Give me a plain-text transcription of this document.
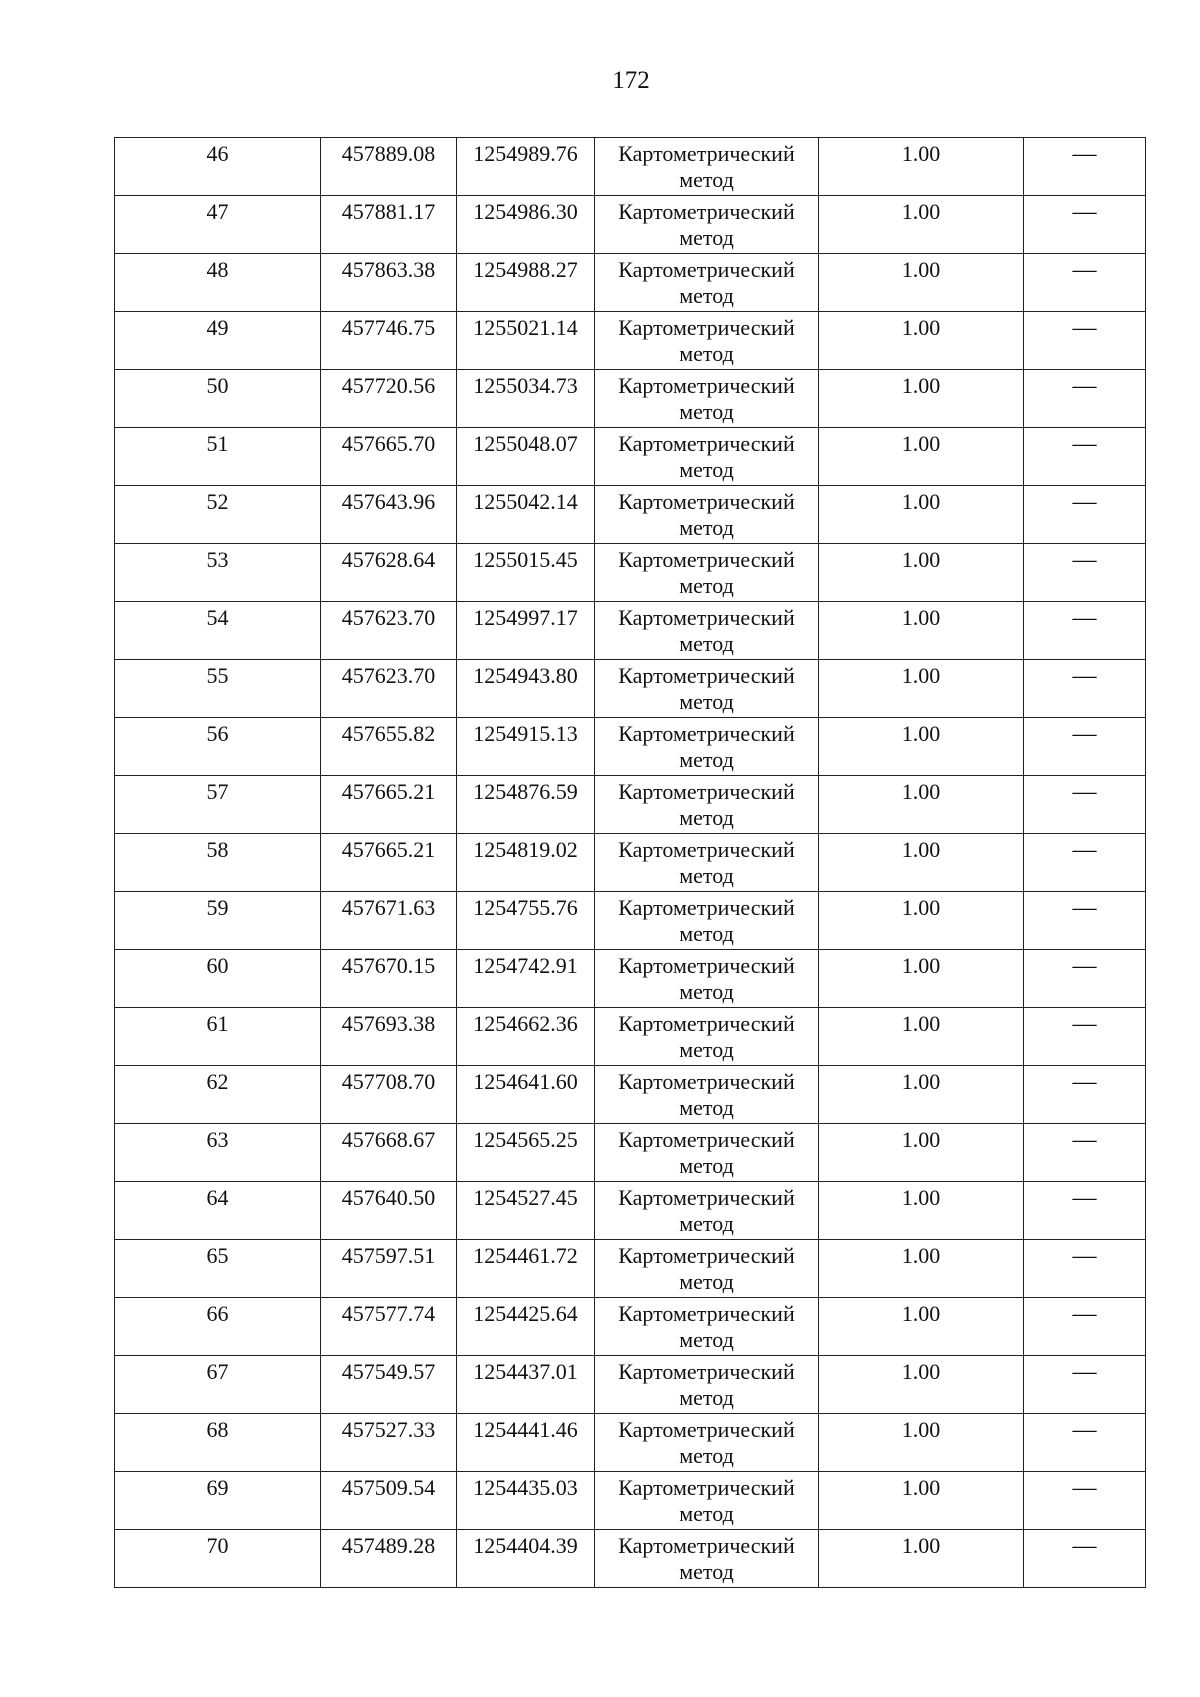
172
46	457889.08	1254989.76	Картометрический метод	1.00	—
47	457881.17	1254986.30	Картометрический метод	1.00	—
48	457863.38	1254988.27	Картометрический метод	1.00	—
49	457746.75	1255021.14	Картометрический метод	1.00	—
50	457720.56	1255034.73	Картометрический метод	1.00	—
51	457665.70	1255048.07	Картометрический метод	1.00	—
52	457643.96	1255042.14	Картометрический метод	1.00	—
53	457628.64	1255015.45	Картометрический метод	1.00	—
54	457623.70	1254997.17	Картометрический метод	1.00	—
55	457623.70	1254943.80	Картометрический метод	1.00	—
56	457655.82	1254915.13	Картометрический метод	1.00	—
57	457665.21	1254876.59	Картометрический метод	1.00	—
58	457665.21	1254819.02	Картометрический метод	1.00	—
59	457671.63	1254755.76	Картометрический метод	1.00	—
60	457670.15	1254742.91	Картометрический метод	1.00	—
61	457693.38	1254662.36	Картометрический метод	1.00	—
62	457708.70	1254641.60	Картометрический метод	1.00	—
63	457668.67	1254565.25	Картометрический метод	1.00	—
64	457640.50	1254527.45	Картометрический метод	1.00	—
65	457597.51	1254461.72	Картометрический метод	1.00	—
66	457577.74	1254425.64	Картометрический метод	1.00	—
67	457549.57	1254437.01	Картометрический метод	1.00	—
68	457527.33	1254441.46	Картометрический метод	1.00	—
69	457509.54	1254435.03	Картометрический метод	1.00	—
70	457489.28	1254404.39	Картометрический метод	1.00	—
